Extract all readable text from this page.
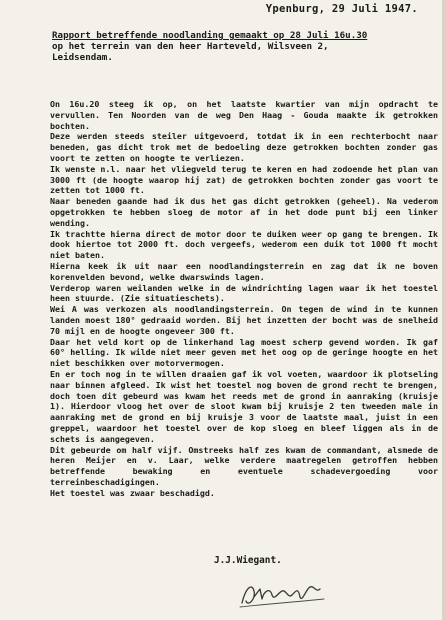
Ypenburg, 29 Juli 1947.
Rapport betreffende noodlanding gemaakt op 28 Juli 16u.30
op het terrein van den heer Harteveld, Wilsveen 2,
Leidsendam.

On 16u.20 steeg ik op, on het laatste kwartier van mijn opdracht te vervullen. Ten Noorden van de weg Den Haag - Gouda maakte ik getrokken bochten.

Deze werden steeds steiler uitgevoerd, totdat ik in een rechterbocht naar beneden, gas dicht trok met de bedoeling deze getrokken bochten zonder gas voort te zetten on hoogte te verliezen.

Ik wenste n.l. naar het vliegveld terug te keren en had zodoende het plan van 3000 ft (de hoogte waarop hij zat) de getrokken bochten zonder gas voort te zetten tot 1000 ft.

Naar beneden gaande had ik dus het gas dicht getrokken (geheel). Na vederom opgetrokken te hebben sloeg de motor af in het dode punt bij een linker wending.

Ik trachtte hierna direct de motor door te duiken weer op gang te brengen. Ik dook hiertoe tot 2000 ft. doch vergeefs, wederom een duik tot 1000 ft mocht niet baten.

Hierna keek ik uit naar een noodlandingsterrein en zag dat ik ne boven korenvelden bevond, welke dwarswinds lagen.

Verderop waren weilanden welke in de windrichting lagen waar ik het toestel heen stuurde. (Zie situatieschets).

Wei A was verkozen als noodlandingsterrein. On tegen de wind in te kunnen landen moest 180° gedraaid worden. Bij het inzetten der bocht was de snelheid 70 mijl en de hoogte ongeveer 300 ft.

Daar het veld kort op de linkerhand lag moest scherp gevend worden. Ik gaf 60° helling. Ik wilde niet meer geven met het oog op de geringe hoogte en het niet beschikken over motorvermogen.

En er toch nog in te willen draaien gaf ik vol voeten, waardoor ik plotseling naar binnen afgleed. Ik wist het toestel nog boven de grond recht te brengen, doch toen dit gebeurd was kwam het reeds met de grond in aanraking (kruisje 1). Hierdoor vloog het over de sloot kwam bij kruisje 2 ten tweeden male in aanraking met de grond en bij kruisje 3 voor de laatste maal, juist in een greppel, waardoor het toestel over de kop sloeg en bleef liggen als in de schets is aangegeven.

Dit gebeurde om half vijf. Omstreeks half zes kwam de commandant, alsmede de heren Meijer en v. Laar, welke verdere maatregelen getroffen hebben betreffende bewaking en eventuele schadevergoeding voor terreinbeschadigingen.

Het toestel was zwaar beschadigd.

J.J.Wiegant.
